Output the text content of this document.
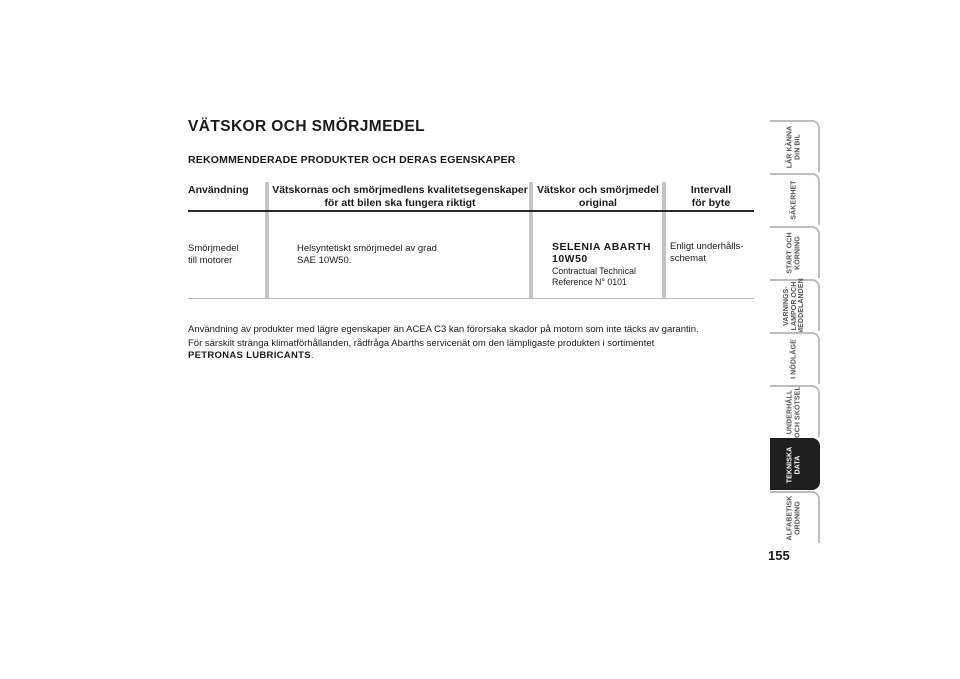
VÄTSKOR OCH SMÖRJMEDEL
REKOMMENDERADE PRODUKTER OCH DERAS EGENSKAPER
Användning Vätskornas och smörjmedlens kvalitetsegenskaper
för att bilen ska fungera riktigt
Vätskor och smörjmedel
original
Intervall
för byte
Smörjmedel
till motorer
Helsyntetiskt smörjmedel av grad
SAE 10W50.
SELENIA ABARTH
10W50
Contractual Technical
Reference N° 0101
Enligt underhålls-
schemat
Användning av produkter med lägre egenskaper än ACEA C3 kan förorsaka skador på motorn som inte täcks av garantin.
För särskilt stränga klimatförhållanden, rådfråga Abarths servicenät om den lämpligaste produkten i sortimentet
PETRONAS LUBRICANTS.
LÄR KÄNNA
DIN BIL
SÄKERHET
START OCH
KÖRNING
VARNINGS-
LAMPOR OCH
MEDDELANDEN
I NÖDLÄGE
UNDERHÅLL
OCH SKÖTSEL
TEKNISKA
DATA
ALFABETISK
ORDNING
155
